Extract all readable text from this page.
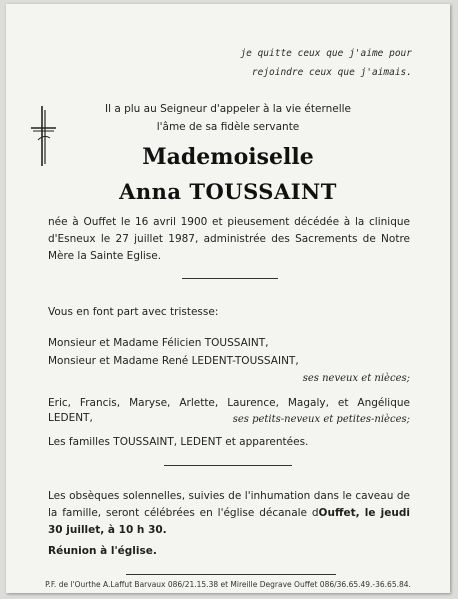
je quitte ceux que j'aime pour
rejoindre ceux que j'aimais.
Il a plu au Seigneur d'appeler à la vie éternelle
l'âme de sa fidèle servante
Mademoiselle
Anna TOUSSAINT
née à Ouffet le 16 avril 1900 et pieusement décédée à la clinique d'Esneux le 27 juillet 1987, administrée des Sacrements de Notre Mère la Sainte Eglise.
Vous en font part avec tristesse:
Monsieur et Madame Félicien TOUSSAINT,
Monsieur et Madame René LEDENT-TOUSSAINT,
ses neveux et nièces;
Eric, Francis, Maryse, Arlette, Laurence, Magaly, et Angélique
LEDENT,	ses petits-neveux et petites-nièces;
Les familles TOUSSAINT, LEDENT et apparentées.
Les obsèques solennelles, suivies de l'inhumation dans le caveau de la famille, seront célébrées en l'église décanale dOuffet, le jeudi 30 juillet, à 10 h 30.
Réunion à l'église.
P.F. de l'Ourthe A.Laffut Barvaux 086/21.15.38 et Mireille Degrave Ouffet 086/36.65.49.-36.65.84.
